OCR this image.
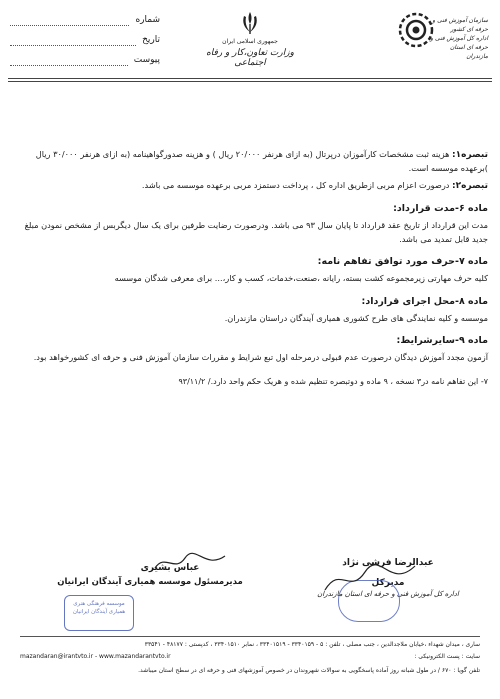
شماره
تاریخ
پیوست
جمهوری اسلامی ایران
وزارت تعاون،کار و رفاه اجتماعی
سازمان آموزش فنی و حرفه ای کشور
اداره کل آموزش فنی و حرفه ای استان مازندران
تبصره۱: هزینه ثبت مشخصات کارآموزان درپرتال (به ازای هرنفر ۲۰/۰۰۰ ریال ) و هزینه صدورگواهینامه (به ازای هرنفر ۳۰/۰۰۰ ریال )برعهده موسسه است.
تبصره۲: درصورت اعزام مربی ازطریق اداره کل ، پرداخت دستمزد مربی برعهده موسسه می باشد.
ماده ۶-مدت قرارداد:
مدت این قرارداد از تاریخ عقد قرارداد تا پایان سال ۹۳ می باشد. ودرصورت رضایت طرفین برای یک سال دیگربس از مشخص نمودن مبلغ جدید قابل تمدید می باشد.
ماده ۷-حرف مورد توافق تفاهم نامه:
کلیه حرف مهارتی زیرمجموعه کشت بسته، رایانه ،صنعت،خدمات، کسب و کار،... برای معرفی شدگان موسسه
ماده ۸-محل اجرای قرارداد:
موسسه و کلیه نمایندگی های طرح کشوری همیاری آیندگان دراستان مازندران.
ماده ۹-سایرشرایط:
آزمون مجدد آموزش دیدگان درصورت عدم قبولی درمرحله اول تبع شرایط و مقررات سازمان آموزش فنی و حرفه ای کشورخواهد بود.
۷- این تفاهم نامه در۳ نسخه ، ۹ ماده و دوتبصره تنظیم شده و هریک حکم واحد دارد./ ۹۳/۱۱/۲
عباس بشیری
مدیرمسئول موسسه همیاری آیندگان ایرانیان
موسسه فرهنگی هنری
همیاری آیندگان ایرانیان
عبدالرضا فرشی نژاد
مدیرکل
اداره کل آموزش فنی و حرفه ای استان مازندران
ساری ، میدان شهداء ،خیابان ملاجدالدین ، جنب مصلی ، تلفن : ۵ - ۳۳۴۰۱۵۹ - ۳۳۴۰۱۵۱۹ ، نمابر ۳۳۴۰۱۵۱۰ ، کدپستی : ۴۸۱۷۷ - ۳۳۵۴۱
mazandaran@irantvto.ir - www.mazandarantvto.ir	سایت : پست الکترونیکی :
تلفن گویا : ۶۷۰ / در طول شبانه روز آماده پاسخگویی به سوالات شهروندان در خصوص آموزشهای فنی و حرفه ای در سطح استان میباشد.
